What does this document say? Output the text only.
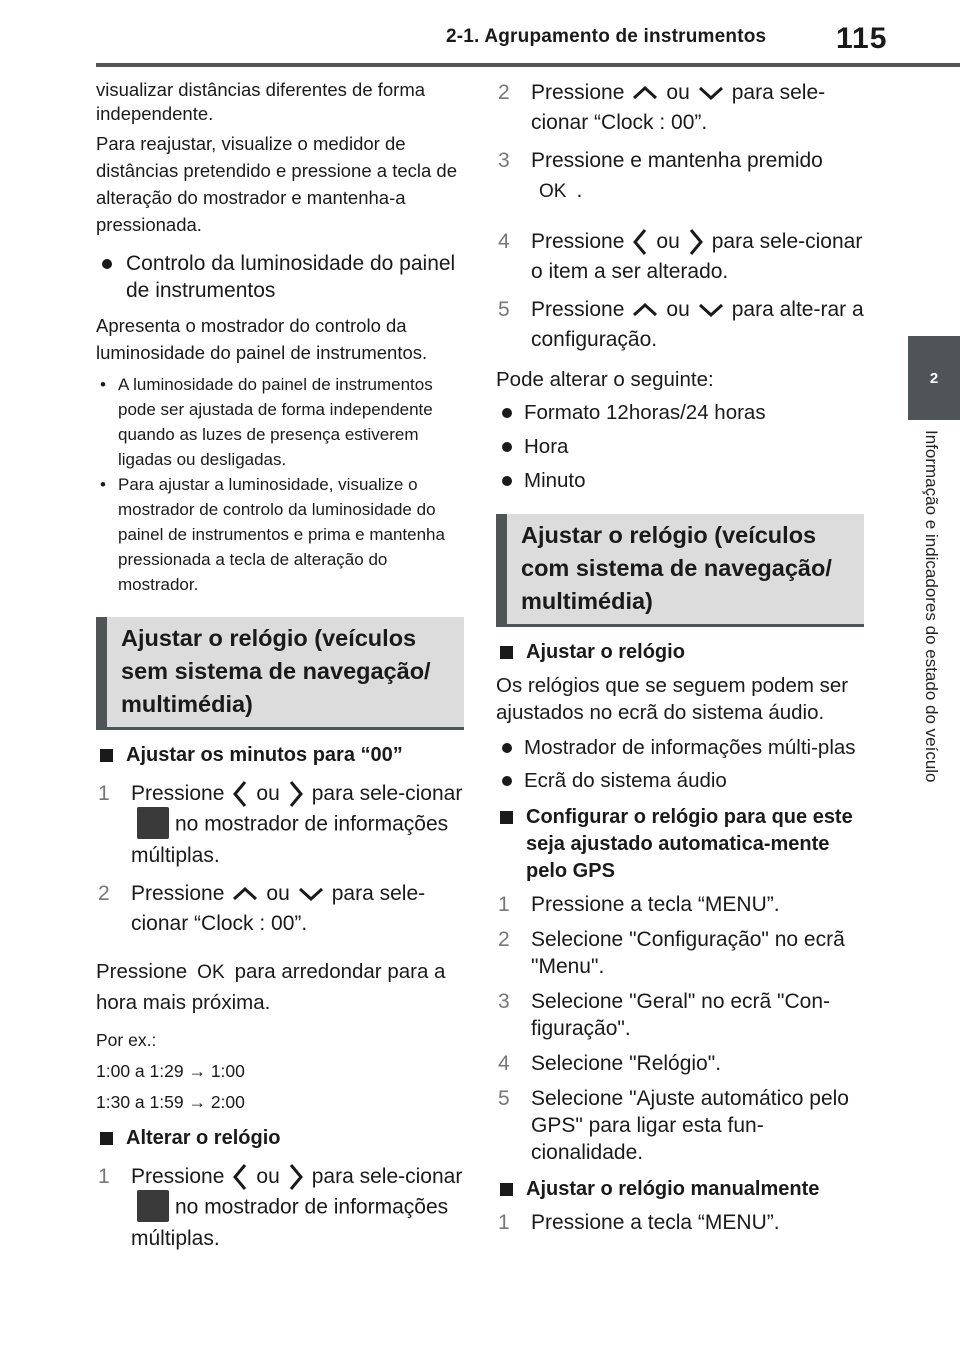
2-1. Agrupamento de instrumentos 115
2
Informação e indicadores do estado do veículo

visualizar distâncias diferentes de forma independente.

Para reajustar, visualize o medidor de distâncias pretendido e pressione a tecla de alteração do mostrador e mantenha-a pressionada.

Controlo da luminosidade do painel de instrumentos

Apresenta o mostrador do controlo da luminosidade do painel de instrumentos.

• A luminosidade do painel de instrumentos pode ser ajustada de forma independente quando as luzes de presença estiverem ligadas ou desligadas.
• Para ajustar a luminosidade, visualize o mostrador de controlo da luminosidade do painel de instrumentos e prima e mantenha pressionada a tecla de alteração do mostrador.
Ajustar o relógio (veículos sem sistema de navegação/ multimédia)
Ajustar os minutos para “00”
1	Pressione ou para sele-cionarno mostrador de informações múltiplas.
2	Pressione ou para sele-cionar “Clock : 00”.

Pressione OK para arredondar para a hora mais próxima.

Por ex.:

1:00 a 1:29 → 1:00

1:30 a 1:59 → 2:00

Alterar o relógio
1	Pressione ou para sele-cionarno mostrador de informações múltiplas.
2	Pressione ou para sele-cionar “Clock : 00”.
3	Pressione e mantenha premido
OK .
4	Pressione ou para sele-cionar o item a ser alterado.
5	Pressione ou para alte-rar a configuração.

Pode alterar o seguinte:

Formato 12horas/24 horas
Hora
Minuto
Ajustar o relógio (veículos com sistema de navegação/ multimédia)
Ajustar o relógio

Os relógios que se seguem podem ser ajustados no ecrã do sistema áudio.

Mostrador de informações múlti-plas
Ecrã do sistema áudio
Configurar o relógio para que este seja ajustado automatica-mente pelo GPS
1	Pressione a tecla “MENU”.
2	Selecione "Configuração" no ecrã "Menu".
3	Selecione "Geral" no ecrã "Con-figuração".
4	Selecione "Relógio".
5	Selecione "Ajuste automático pelo GPS" para ligar esta fun-cionalidade.
Ajustar o relógio manualmente
1	Pressione a tecla “MENU”.
